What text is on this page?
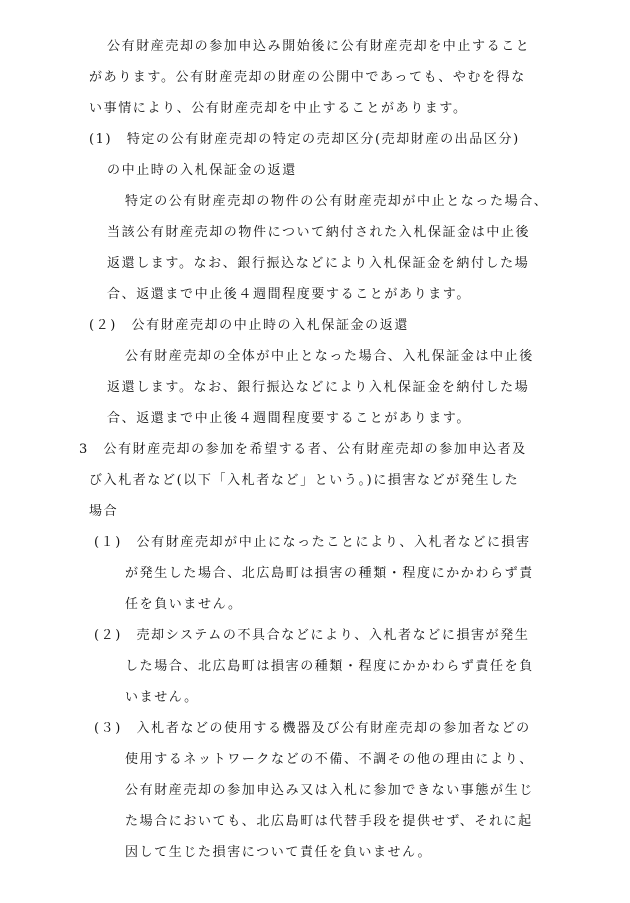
公有財産売却の参加申込み開始後に公有財産売却を中止すること
があります。公有財産売却の財産の公開中であっても、やむを得な
い事情により、公有財産売却を中止することがあります。
(1)　特定の公有財産売却の特定の売却区分(売却財産の出品区分)
の中止時の入札保証金の返還
特定の公有財産売却の物件の公有財産売却が中止となった場合、
当該公有財産売却の物件について納付された入札保証金は中止後
返還します。なお、銀行振込などにより入札保証金を納付した場
合、返還まで中止後４週間程度要することがあります。
(２)　公有財産売却の中止時の入札保証金の返還
公有財産売却の全体が中止となった場合、入札保証金は中止後
返還します。なお、銀行振込などにより入札保証金を納付した場
合、返還まで中止後４週間程度要することがあります。
3　公有財産売却の参加を希望する者、公有財産売却の参加申込者及
び入札者など(以下「入札者など」という。)に損害などが発生した
場合
(１)　公有財産売却が中止になったことにより、入札者などに損害
が発生した場合、北広島町は損害の種類・程度にかかわらず責
任を負いません。
(２)　売却システムの不具合などにより、入札者などに損害が発生
した場合、北広島町は損害の種類・程度にかかわらず責任を負
いません。
(３)　入札者などの使用する機器及び公有財産売却の参加者などの
使用するネットワークなどの不備、不調その他の理由により、
公有財産売却の参加申込み又は入札に参加できない事態が生じ
た場合においても、北広島町は代替手段を提供せず、それに起
因して生じた損害について責任を負いません。
